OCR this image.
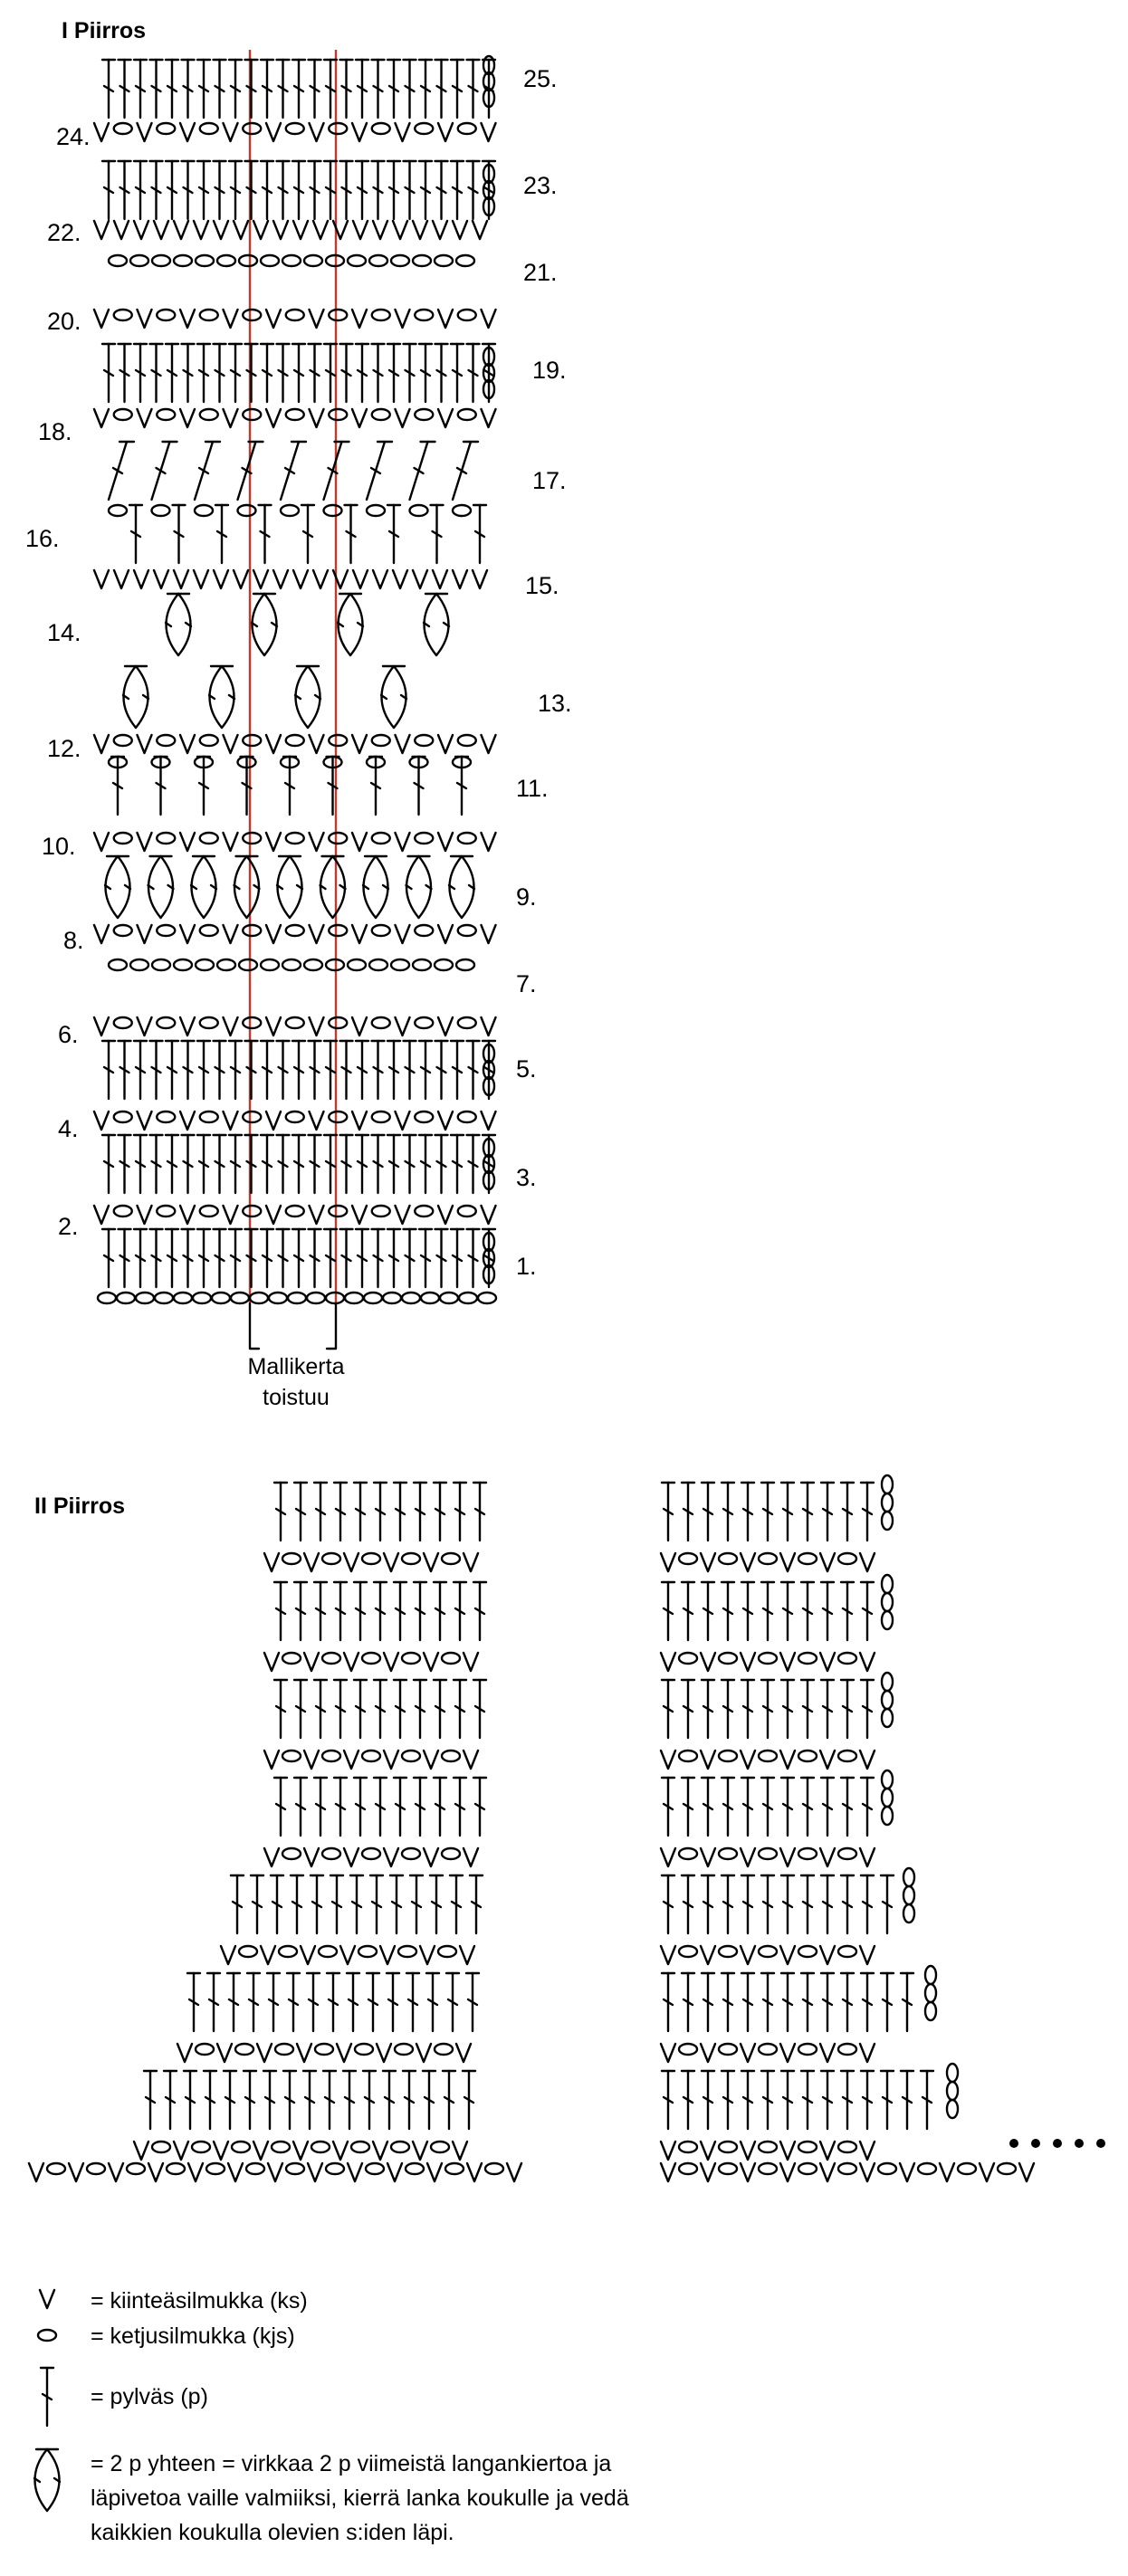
I Piirros
Mallikerta
toistuu
24.
22.
20.
18.
16.
14.
12.
10.
8.
6.
4.
2.
25.
23.
21.
19.
17.
15.
13.
11.
9.
7.
5.
3.
1.
II Piirros
= kiinteäsilmukka (ks)
= ketjusilmukka (kjs)
= pylväs (p)
= 2 p yhteen = virkkaa 2 p viimeistä langankiertoa ja
läpivetoa vaille valmiiksi, kierrä lanka koukulle ja vedä
kaikkien koukulla olevien s:iden läpi.
